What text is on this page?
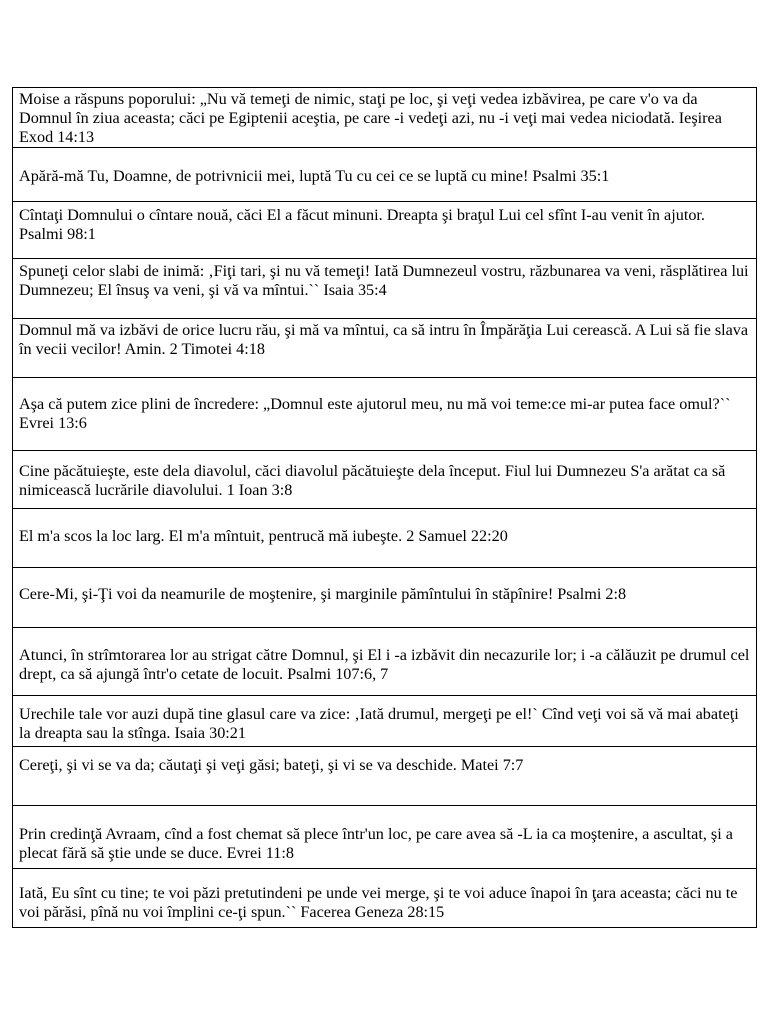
Moise a răspuns poporului: „Nu vă temeţi de nimic, staţi pe loc, şi veţi vedea izbăvirea, pe care v'o va da Domnul în ziua aceasta; căci pe Egiptenii aceştia, pe care -i vedeţi azi, nu -i veţi mai vedea niciodată. Ieşirea Exod 14:13
Apără-mă Tu, Doamne, de potrivnicii mei, luptă Tu cu cei ce se luptă cu mine! Psalmi 35:1
Cîntaţi Domnului o cîntare nouă, căci El a făcut minuni. Dreapta şi braţul Lui cel sfînt I-au venit în ajutor. Psalmi 98:1
Spuneţi celor slabi de inimă: ‚Fiţi tari, şi nu vă temeţi! Iată Dumnezeul vostru, răzbunarea va veni, răsplătirea lui Dumnezeu; El însuş va veni, şi vă va mîntui.`` Isaia 35:4
Domnul mă va izbăvi de orice lucru rău, şi mă va mîntui, ca să intru în Împărăţia Lui cerească. A Lui să fie slava în vecii vecilor! Amin. 2 Timotei 4:18
Aşa că putem zice plini de încredere: „Domnul este ajutorul meu, nu mă voi teme:ce mi-ar putea face omul?`` Evrei 13:6
Cine păcătuieşte, este dela diavolul, căci diavolul păcătuieşte dela început. Fiul lui Dumnezeu S'a arătat ca să nimicească lucrările diavolului. 1 Ioan 3:8
El m'a scos la loc larg. El m'a mîntuit, pentrucă mă iubeşte. 2 Samuel 22:20
Cere-Mi, şi-Ţi voi da neamurile de moştenire, şi marginile pămîntului în stăpînire! Psalmi 2:8
Atunci, în strîmtorarea lor au strigat către Domnul, şi El i -a izbăvit din necazurile lor; i -a călăuzit pe drumul cel drept, ca să ajungă într'o cetate de locuit. Psalmi 107:6, 7
Urechile tale vor auzi după tine glasul care va zice: ‚Iată drumul, mergeţi pe el!` Cînd veţi voi să vă mai abateţi la dreapta sau la stînga. Isaia 30:21
Cereţi, şi vi se va da; căutaţi şi veţi găsi; bateţi, şi vi se va deschide. Matei 7:7
Prin credinţă Avraam, cînd a fost chemat să plece într'un loc, pe care avea să -L ia ca moştenire, a ascultat, şi a plecat fără să ştie unde se duce. Evrei 11:8
Iată, Eu sînt cu tine; te voi păzi pretutindeni pe unde vei merge, şi te voi aduce înapoi în ţara aceasta; căci nu te voi părăsi, pînă nu voi împlini ce-ţi spun.`` Facerea Geneza 28:15
